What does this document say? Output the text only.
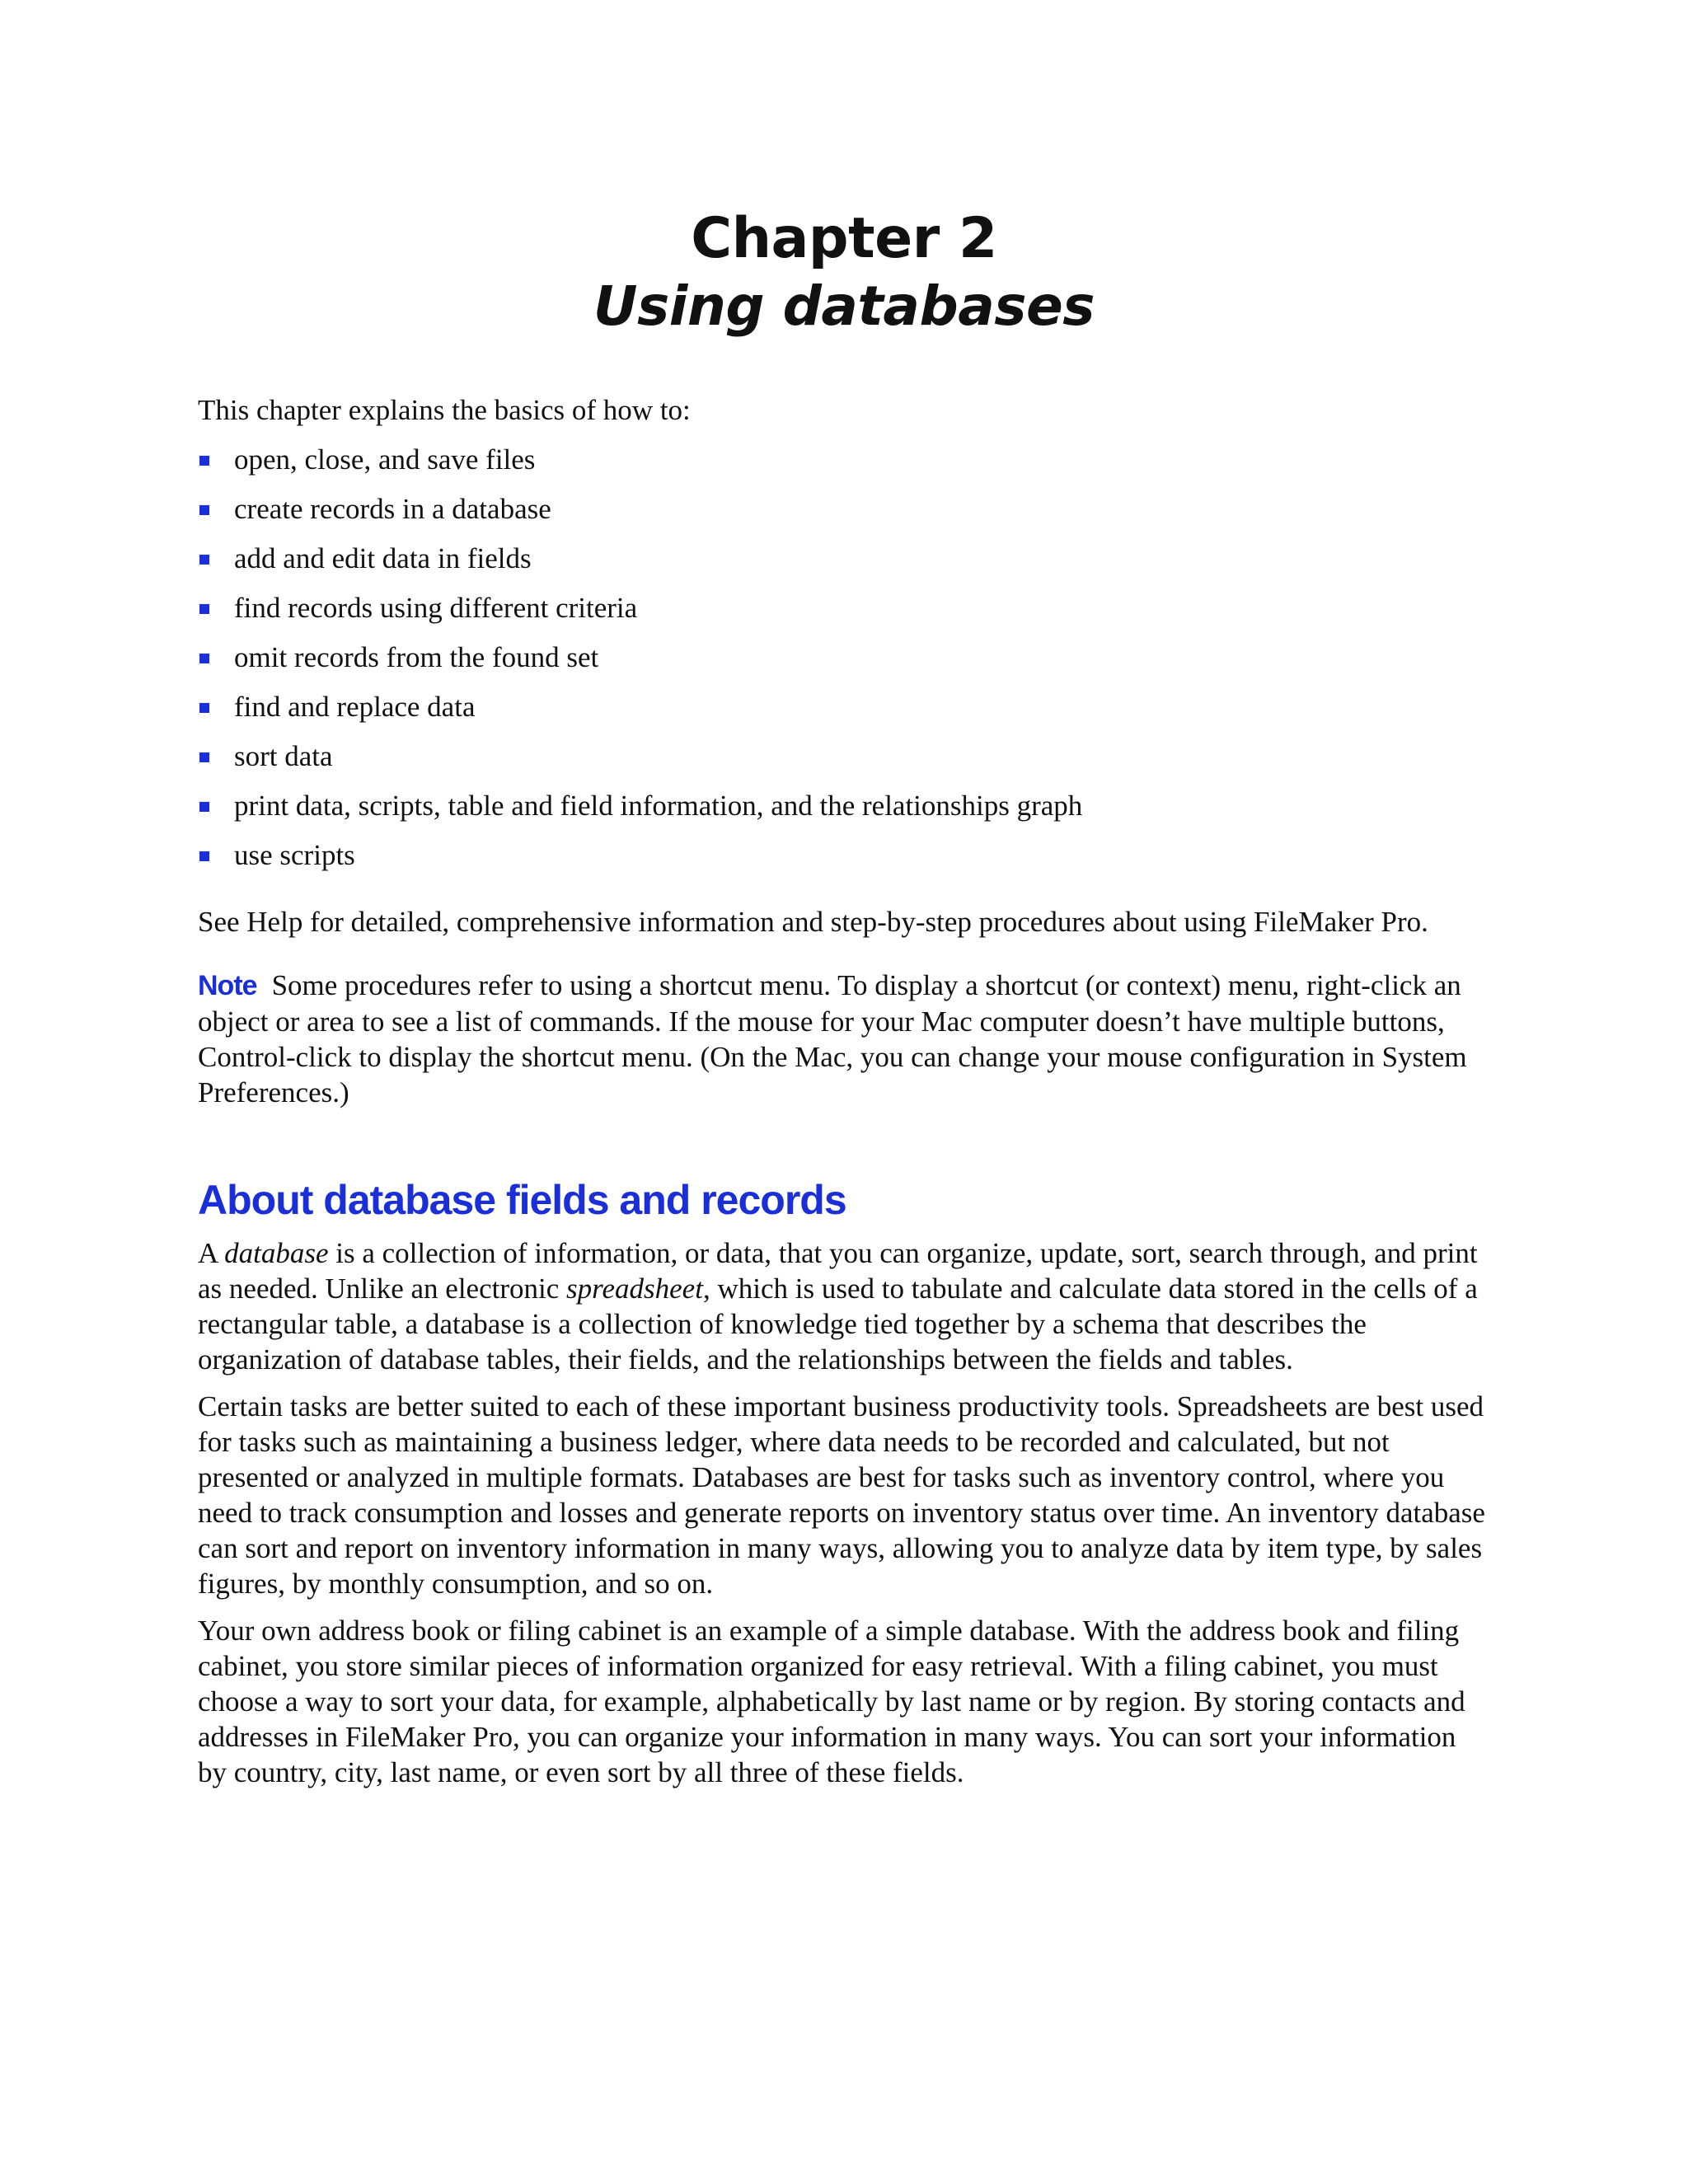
Chapter 2
Using databases

This chapter explains the basics of how to:

open, close, and save files
create records in a database
add and edit data in fields
find records using different criteria
omit records from the found set
find and replace data
sort data
print data, scripts, table and field information, and the relationships graph
use scripts

See Help for detailed, comprehensive information and step-by-step procedures about using FileMaker Pro.

Note Some procedures refer to using a shortcut menu. To display a shortcut (or context) menu, right-click an object or area to see a list of commands. If the mouse for your Mac computer doesn’t have multiple buttons, Control-click to display the shortcut menu. (On the Mac, you can change your mouse configuration in System Preferences.)

About database fields and records

A database is a collection of information, or data, that you can organize, update, sort, search through, and print as needed. Unlike an electronic spreadsheet, which is used to tabulate and calculate data stored in the cells of a rectangular table, a database is a collection of knowledge tied together by a schema that describes the organization of database tables, their fields, and the relationships between the fields and tables.

Certain tasks are better suited to each of these important business productivity tools. Spreadsheets are best used for tasks such as maintaining a business ledger, where data needs to be recorded and calculated, but not presented or analyzed in multiple formats. Databases are best for tasks such as inventory control, where you need to track consumption and losses and generate reports on inventory status over time. An inventory database can sort and report on inventory information in many ways, allowing you to analyze data by item type, by sales figures, by monthly consumption, and so on.

Your own address book or filing cabinet is an example of a simple database. With the address book and filing cabinet, you store similar pieces of information organized for easy retrieval. With a filing cabinet, you must choose a way to sort your data, for example, alphabetically by last name or by region. By storing contacts and addresses in FileMaker Pro, you can organize your information in many ways. You can sort your information by country, city, last name, or even sort by all three of these fields.
